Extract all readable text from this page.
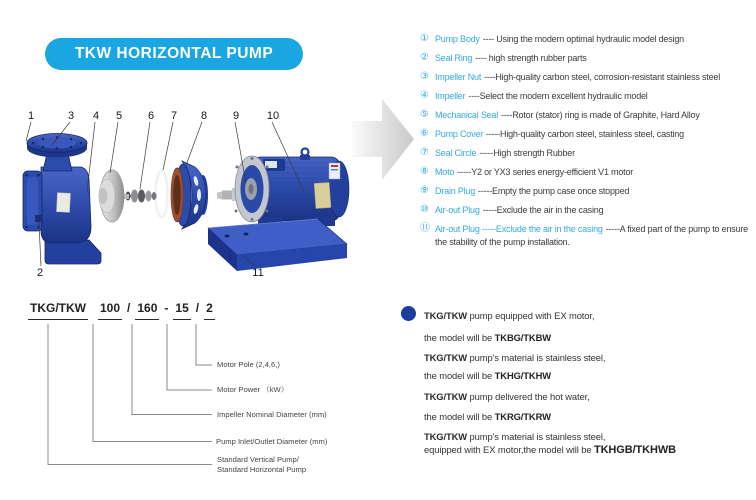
TKW HORIZONTAL PUMP
1
2
3 4 5 6 7 8 9	10
11
① Pump Body ---- Using the modern optimal hydraulic model design
② Seal Ring ---- high strength rubber parts
③ Impeller Nut ----High-quality carbon steel, corrosion-resistant stainless steel
④ Impeller ----Select the modern excellent hydraulic model
⑤ Mechanical Seal ----Rotor (stator) ring is made of Graphite, Hard Alloy
⑥ Pump Cover -----High-quality carbon steel, stainless steel, casting
⑦ Seal Circle -----High strength Rubber
⑧ Moto -----Y2 or YX3 series energy-efficient V1 motor
⑨ Drain Plug -----Empty the pump case once stopped
⑩ Air-out Plug -----Exclude the air in the casing
⑪ Air-out Plug -----Exclude the air in the casing -----A fixed part of the pump to ensure the stability of the pump installation.
TKG/TKW 100 / 160 - 15 / 2
Motor Pole (2,4,6,)
Motor Power （kW）
Impeller Nominal Diameter (mm)
Pump Inlet/Outlet Diameter (mm)
Standard Vertical Pump/
Standard Horizontal Pump
TKG/TKW pump equipped with EX motor,
the model will be TKBG/TKBW
TKG/TKW pump's material is stainless steel,
the model will be TKHG/TKHW
TKG/TKW pump delivered the hot water,
the model will be TKRG/TKRW
TKG/TKW pump's material is stainless steel,
equipped with EX motor,the model will be TKHGB/TKHWB
